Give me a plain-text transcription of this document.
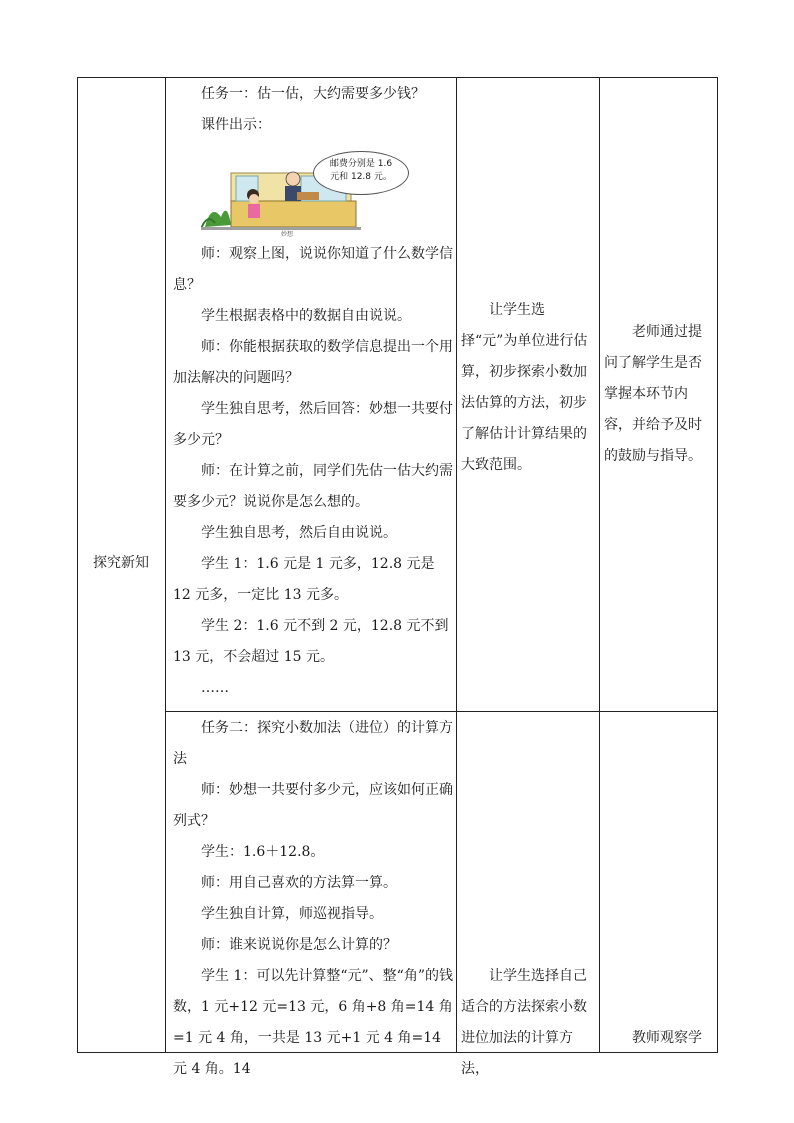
探究新知

任务一：估一估，大约需要多少钱？

课件出示：

邮费分别是 1.6
元和 12.8 元。
妙想

师：观察上图，说说你知道了什么数学信息？

学生根据表格中的数据自由说说。

师：你能根据获取的数学信息提出一个用加法解决的问题吗？

学生独自思考，然后回答：妙想一共要付多少元？

师：在计算之前，同学们先估一估大约需要多少元？说说你是怎么想的。

学生独自思考，然后自由说说。

学生 1：1.6 元是 1 元多，12.8 元是 12 元多，一定比 13 元多。

学生 2：1.6 元不到 2 元，12.8 元不到 13 元，不会超过 15 元。

……

让学生选择“元”为单位进行估算，初步探索小数加法估算的方法，初步了解估计计算结果的大致范围。

老师通过提问了解学生是否掌握本环节内容，并给予及时的鼓励与指导。

任务二：探究小数加法（进位）的计算方法

师：妙想一共要付多少元，应该如何正确列式？

学生：1.6＋12.8。

师：用自己喜欢的方法算一算。

学生独自计算，师巡视指导。

师：谁来说说你是怎么计算的？

学生 1：可以先计算整“元”、整“角”的钱数，1 元+12 元=13 元，6 角+8 角=14 角=1 元 4 角，一共是 13 元+1 元 4 角=14 元 4 角。14

让学生选择自己适合的方法探索小数进位加法的计算方法，

教师观察学
